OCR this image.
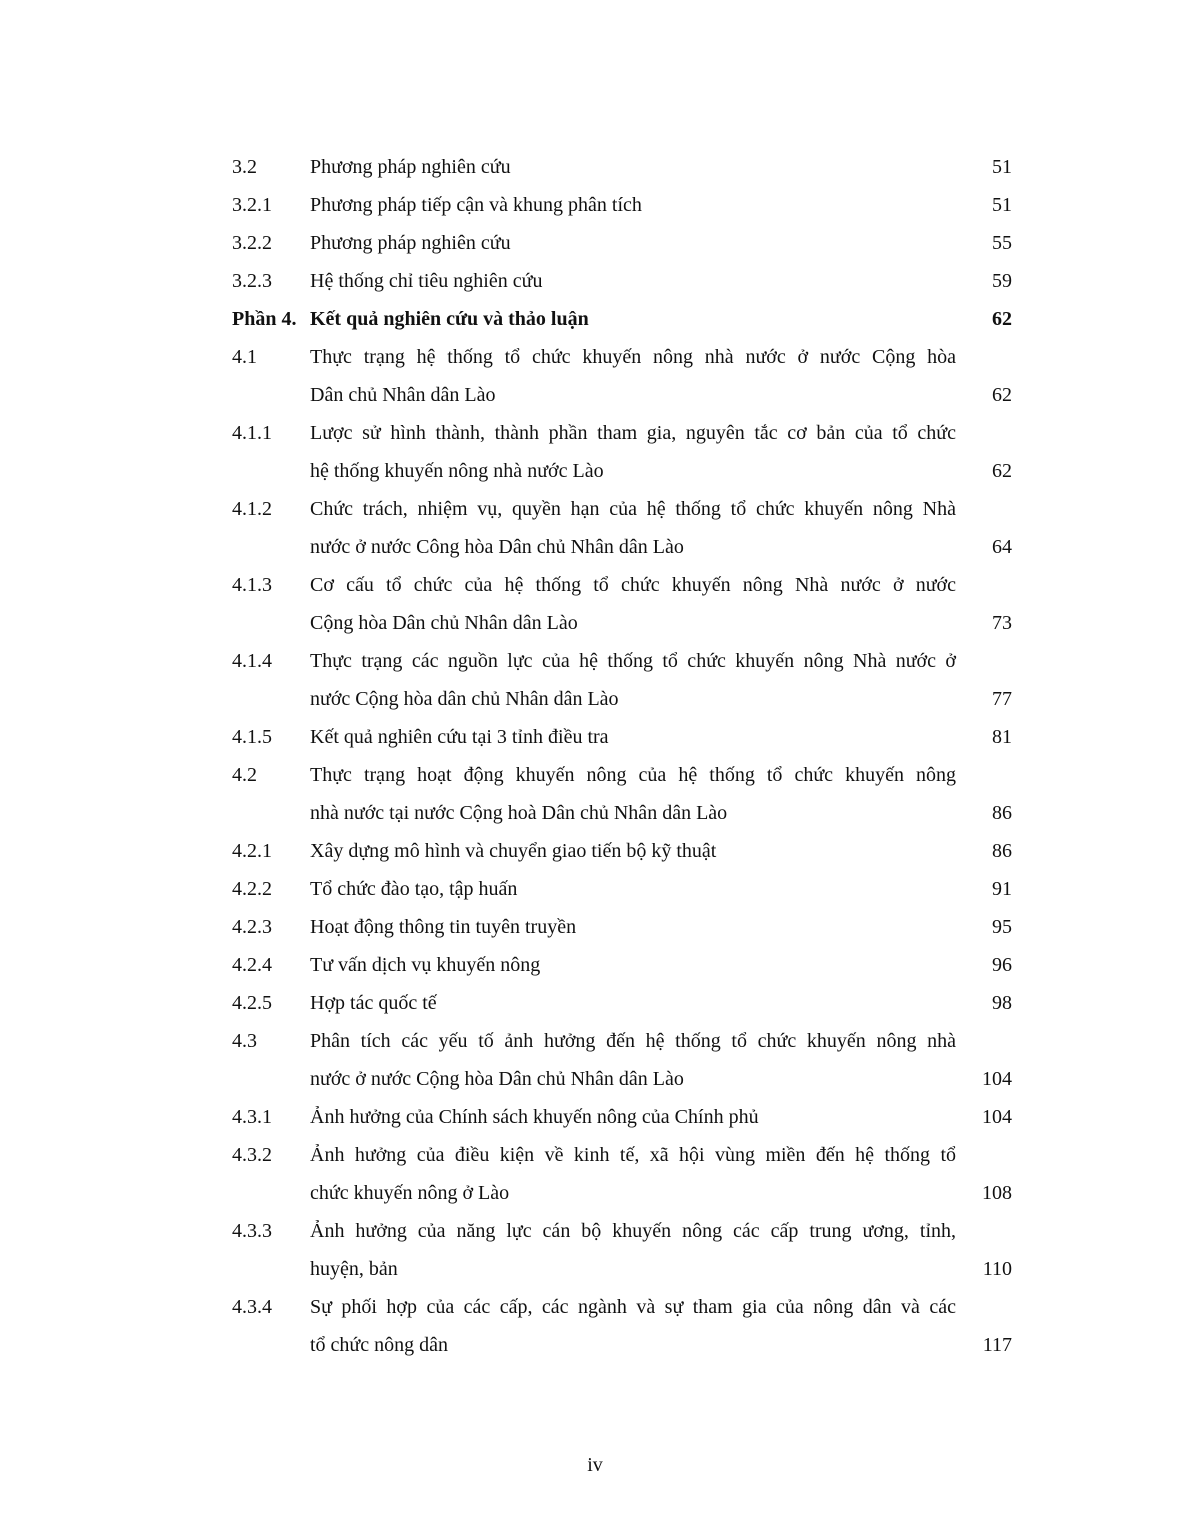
3.2	Phương pháp nghiên cứu	51
3.2.1	Phương pháp tiếp cận và khung phân tích	51
3.2.2	Phương pháp nghiên cứu	55
3.2.3	Hệ thống chỉ tiêu nghiên cứu	59
Phần 4. Kết quả nghiên cứu và thảo luận	62
4.1	Thực trạng hệ thống tổ chức khuyến nông nhà nước ở nước Cộng hòa
Dân chủ Nhân dân Lào	62
4.1.1	Lược sử hình thành, thành phần tham gia, nguyên tắc cơ bản của tổ chức
hệ thống khuyến nông nhà nước Lào	62
4.1.2	Chức trách, nhiệm vụ, quyền hạn của hệ thống tổ chức khuyến nông Nhà
nước ở nước Công hòa Dân chủ Nhân dân Lào	64
4.1.3	Cơ cấu tổ chức của hệ thống tổ chức khuyến nông Nhà nước ở nước
Cộng hòa Dân chủ Nhân dân Lào	73
4.1.4	Thực trạng các nguồn lực của hệ thống tổ chức khuyến nông Nhà nước ở
nước Cộng hòa dân chủ Nhân dân Lào	77
4.1.5	Kết quả nghiên cứu tại 3 tỉnh điều tra	81
4.2	Thực trạng hoạt động khuyến nông của hệ thống tổ chức khuyến nông
nhà nước tại nước Cộng hoà Dân chủ Nhân dân Lào	86
4.2.1	Xây dựng mô hình và chuyển giao tiến bộ kỹ thuật	86
4.2.2	Tổ chức đào tạo, tập huấn	91
4.2.3	Hoạt động thông tin tuyên truyền	95
4.2.4	Tư vấn dịch vụ khuyến nông	96
4.2.5	Hợp tác quốc tế	98
4.3	Phân tích các yếu tố ảnh hưởng đến hệ thống tổ chức khuyến nông nhà
nước ở nước Cộng hòa Dân chủ Nhân dân Lào	104
4.3.1	Ảnh hưởng của Chính sách khuyến nông của Chính phủ	104
4.3.2	Ảnh hưởng của điều kiện về kinh tế, xã hội vùng miền đến hệ thống tổ
chức khuyến nông ở Lào	108
4.3.3	Ảnh hưởng của năng lực cán bộ khuyến nông các cấp trung ương, tỉnh,
huyện, bản	110
4.3.4	Sự phối hợp của các cấp, các ngành và sự tham gia của nông dân và các
tổ chức nông dân	117
iv
